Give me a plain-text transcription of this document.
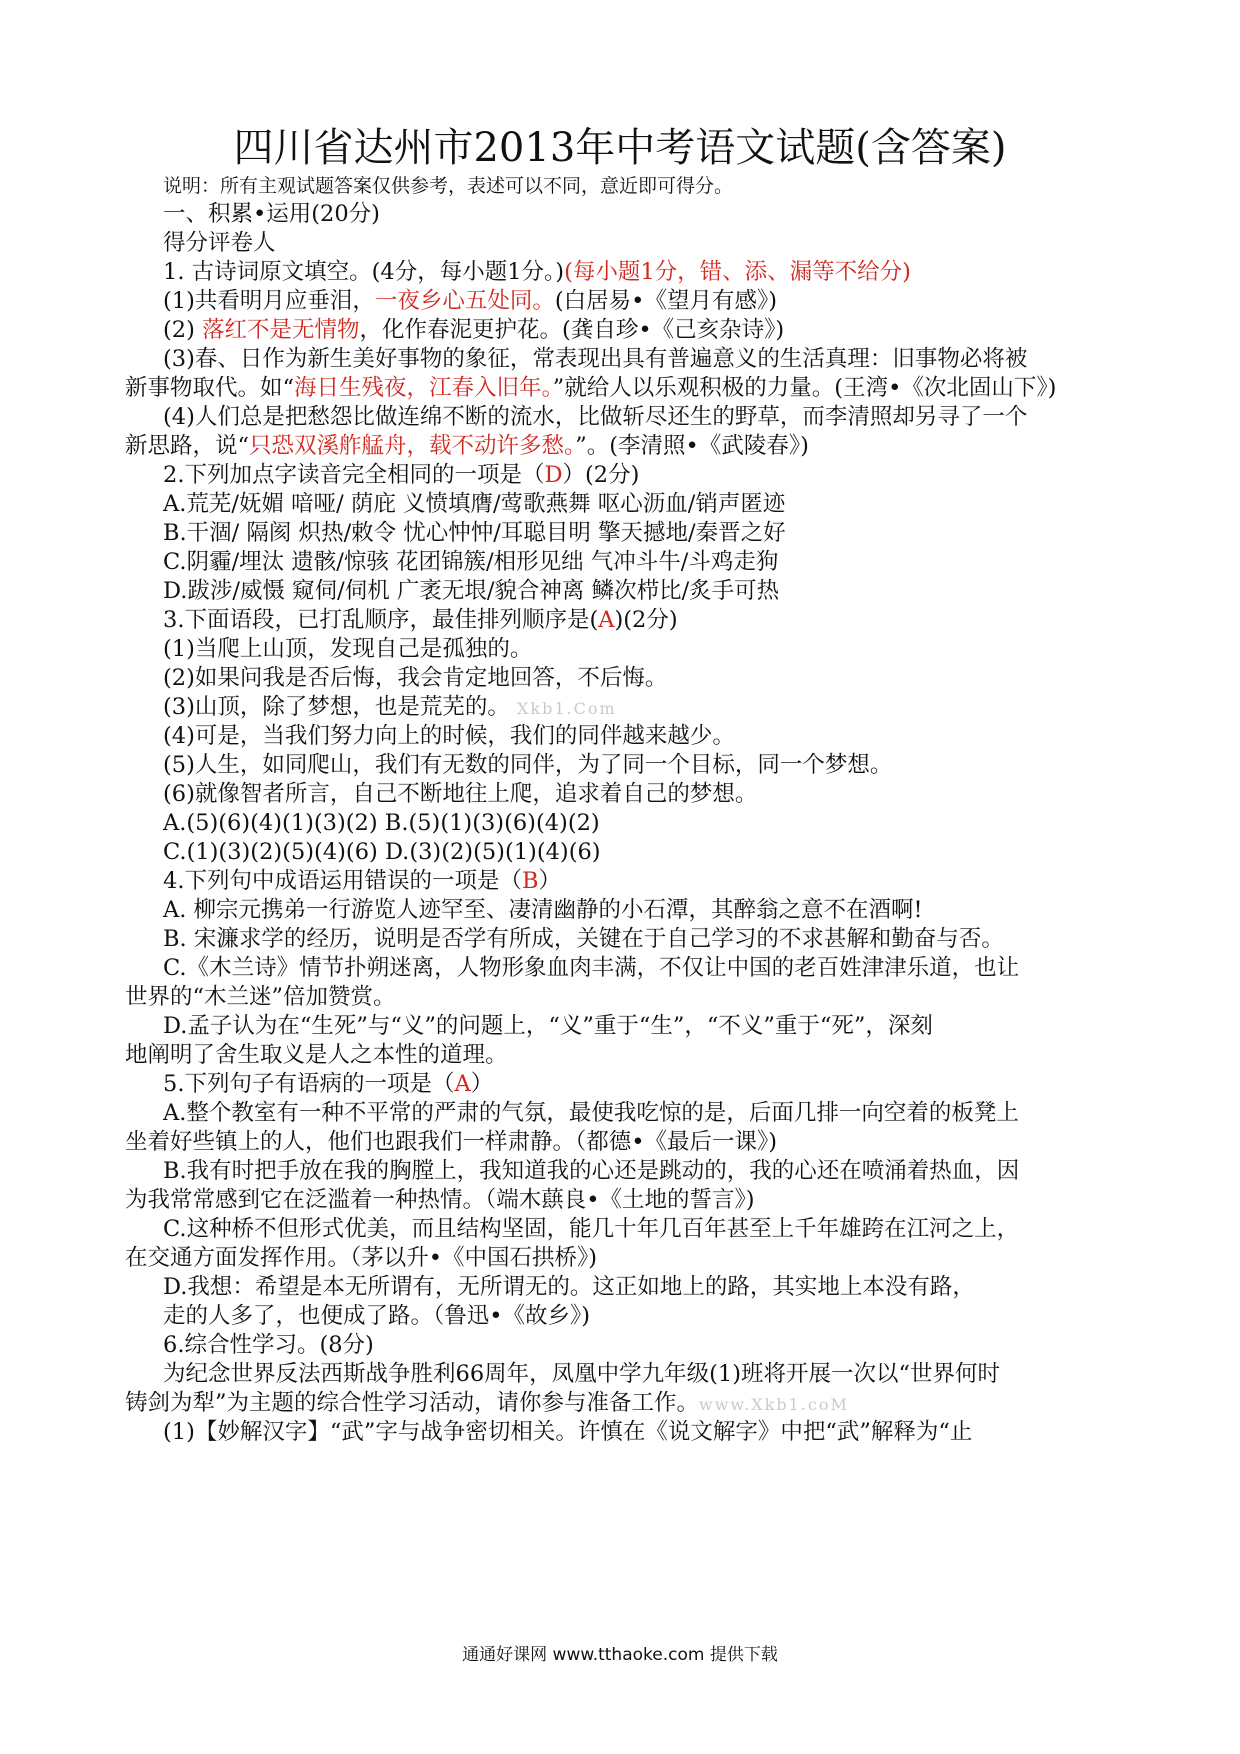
四川省达州市2013年中考语文试题(含答案)
说明：所有主观试题答案仅供参考，表述可以不同，意近即可得分。
一、积累•运用(20分)
得分评卷人
1. 古诗词原文填空。(4分，每小题1分。)(每小题1分，错、添、漏等不给分)
(1)共看明月应垂泪，一夜乡心五处同。(白居易•《望月有感》)
(2) 落红不是无情物，化作春泥更护花。(龚自珍•《己亥杂诗》)
(3)春、日作为新生美好事物的象征，常表现出具有普遍意义的生活真理：旧事物必将被
新事物取代。如“海日生残夜，江春入旧年。”就给人以乐观积极的力量。(王湾•《次北固山下》)
(4)人们总是把愁怨比做连绵不断的流水，比做斩尽还生的野草，而李清照却另寻了一个
新思路，说“只恐双溪舴艋舟，载不动许多愁。”。(李清照•《武陵春》)
2.下列加点字读音完全相同的一项是（D）(2分)
A.荒芜/妩媚 喑哑/ 荫庇 义愤填膺/莺歌燕舞 呕心沥血/销声匿迹
B.干涸/ 隔阂 炽热/敕令 忧心忡忡/耳聪目明 擎天撼地/秦晋之好
C.阴霾/埋汰 遗骸/惊骇 花团锦簇/相形见绌 气冲斗牛/斗鸡走狗
D.跋涉/威慑 窥伺/伺机 广袤无垠/貌合神离 鳞次栉比/炙手可热
3.下面语段，已打乱顺序，最佳排列顺序是(A)(2分)
(1)当爬上山顶，发现自己是孤独的。
(2)如果问我是否后悔，我会肯定地回答，不后悔。
(3)山顶，除了梦想，也是荒芜的。 Xkb1.Com
(4)可是，当我们努力向上的时候，我们的同伴越来越少。
(5)人生，如同爬山，我们有无数的同伴，为了同一个目标，同一个梦想。
(6)就像智者所言，自己不断地往上爬，追求着自己的梦想。
A.(5)(6)(4)(1)(3)(2) B.(5)(1)(3)(6)(4)(2)
C.(1)(3)(2)(5)(4)(6) D.(3)(2)(5)(1)(4)(6)
4.下列句中成语运用错误的一项是（B）
A. 柳宗元携弟一行游览人迹罕至、凄清幽静的小石潭，其醉翁之意不在酒啊!
B. 宋濂求学的经历，说明是否学有所成，关键在于自己学习的不求甚解和勤奋与否。
C.《木兰诗》情节扑朔迷离，人物形象血肉丰满，不仅让中国的老百姓津津乐道，也让
世界的“木兰迷”倍加赞赏。
D.孟子认为在“生死”与“义”的问题上，“义”重于“生”，“不义”重于“死”，深刻
地阐明了舍生取义是人之本性的道理。
5.下列句子有语病的一项是（A）
A.整个教室有一种不平常的严肃的气氛，最使我吃惊的是，后面几排一向空着的板凳上
坐着好些镇上的人，他们也跟我们一样肃静。（都德•《最后一课》)
B.我有时把手放在我的胸膛上，我知道我的心还是跳动的，我的心还在喷涌着热血，因
为我常常感到它在泛滥着一种热情。（端木蕻良•《土地的誓言》)
C.这种桥不但形式优美，而且结构坚固，能几十年几百年甚至上千年雄跨在江河之上，
在交通方面发挥作用。（茅以升•《中国石拱桥》)
D.我想：希望是本无所谓有，无所谓无的。这正如地上的路，其实地上本没有路，
走的人多了，也便成了路。（鲁迅•《故乡》)
6.综合性学习。(8分)
为纪念世界反法西斯战争胜利66周年，凤凰中学九年级(1)班将开展一次以“世界何时
铸剑为犁”为主题的综合性学习活动，请你参与准备工作。www.Xkb1.coM
(1)【妙解汉字】“武”字与战争密切相关。许慎在《说文解字》中把“武”解释为“止
通通好课网 www.tthaoke.com 提供下载
